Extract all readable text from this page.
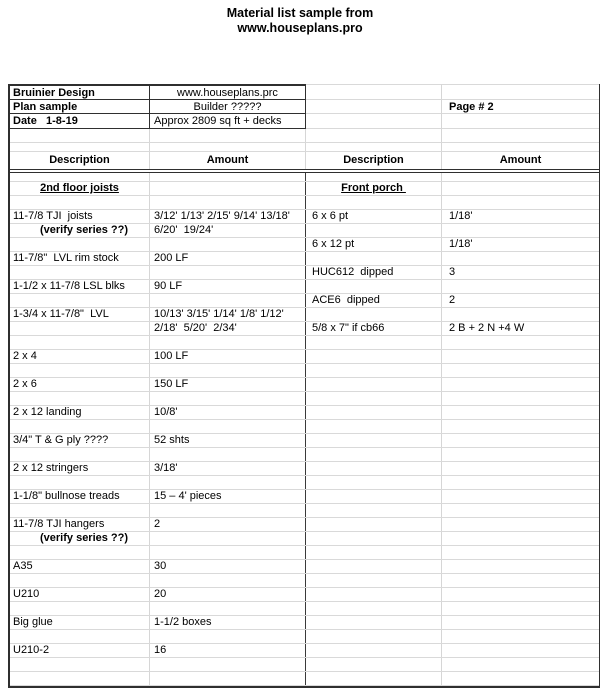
Material list sample from
www.houseplans.pro
Bruinier Design	www.houseplans.prc
Plan sample	Builder ?????	Page # 2
Date   1-8-19	Approx 2809 sq ft + decks
Description	Amount	Description	Amount
2nd floor joists	Front porch
11-7/8 TJI  joists	3/12' 1/13' 2/15' 9/14' 13/18'	6 x 6 pt	1/18'
(verify series ??)	6/20'  19/24'
6 x 12 pt	1/18'
11-7/8"  LVL rim stock	200 LF
HUC612  dipped	3
1-1/2 x 11-7/8 LSL blks	90 LF
ACE6  dipped	2
1-3/4 x 11-7/8"  LVL	10/13' 3/15' 1/14' 1/8' 1/12'
2/18'  5/20'  2/34'	5/8 x 7" if cb66	2 B + 2 N +4 W
2 x 4	100 LF
2 x 6	150 LF
2 x 12 landing	10/8'
3/4" T & G ply ????	52 shts
2 x 12 stringers	3/18'
1-1/8" bullnose treads	15 – 4' pieces
11-7/8 TJI hangers	2
(verify series ??)
A35	30
U210	20
Big glue	1-1/2 boxes
U210-2	16
